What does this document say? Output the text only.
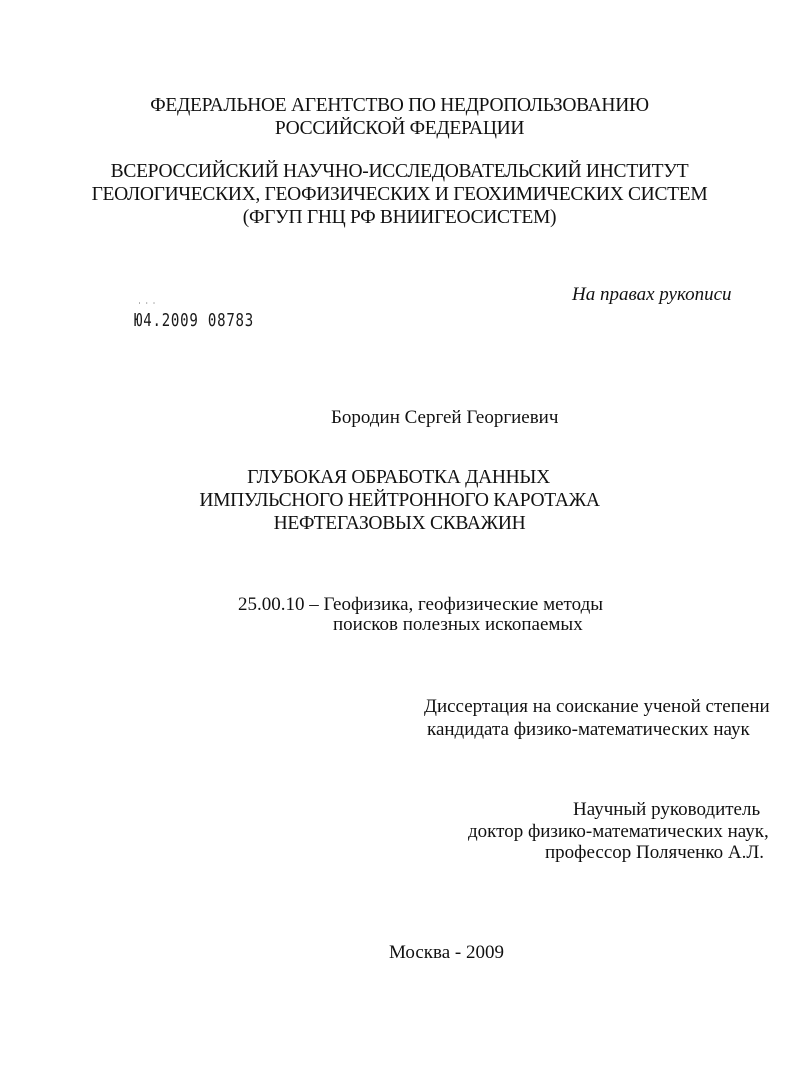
ФЕДЕРАЛЬНОЕ АГЕНТСТВО ПО НЕДРОПОЛЬЗОВАНИЮ
РОССИЙСКОЙ ФЕДЕРАЦИИ
ВСЕРОССИЙСКИЙ НАУЧНО-ИССЛЕДОВАТЕЛЬСКИЙ ИНСТИТУТ
ГЕОЛОГИЧЕСКИХ, ГЕОФИЗИЧЕСКИХ И ГЕОХИМИЧЕСКИХ СИСТЕМ
(ФГУП ГНЦ РФ ВНИИГЕОСИСТЕМ)
На правах рукописи
˙ ˙ ˙
Ю4.2009 08783
Бородин Сергей Георгиевич
ГЛУБОКАЯ ОБРАБОТКА ДАННЫХ
ИМПУЛЬСНОГО НЕЙТРОННОГО КАРОТАЖА
НЕФТЕГАЗОВЫХ СКВАЖИН
25.00.10 – Геофизика, геофизические методы
поисков полезных ископаемых
Диссертация на соискание ученой степени
кандидата физико-математических наук
Научный руководитель
доктор физико-математических наук,
профессор Поляченко А.Л.
Москва - 2009
